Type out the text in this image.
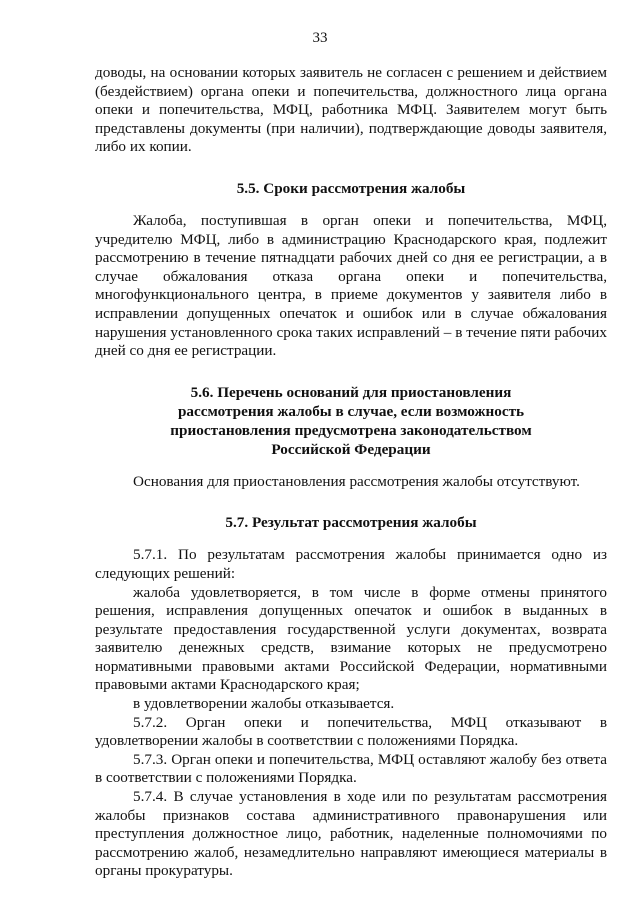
33

доводы, на основании которых заявитель не согласен с решением и действием (бездействием) органа опеки и попечительства, должностного лица органа опеки и попечительства, МФЦ, работника МФЦ. Заявителем могут быть представлены документы (при наличии), подтверждающие доводы заявителя, либо их копии.

5.5. Сроки рассмотрения жалобы

Жалоба, поступившая в орган опеки и попечительства, МФЦ, учредителю МФЦ, либо в администрацию Краснодарского края, подлежит рассмотрению в течение пятнадцати рабочих дней со дня ее регистрации, а в случае обжалования отказа органа опеки и попечительства, многофункционального центра, в приеме документов у заявителя либо в исправлении допущенных опечаток и ошибок или в случае обжалования нарушения установленного срока таких исправлений – в течение пяти рабочих дней со дня ее регистрации.

5.6. Перечень оснований для приостановления

рассмотрения жалобы в случае, если возможность

приостановления предусмотрена законодательством

Российской Федерации

Основания для приостановления рассмотрения жалобы отсутствуют.

5.7. Результат рассмотрения жалобы

5.7.1. По результатам рассмотрения жалобы принимается одно из следующих решений:

жалоба удовлетворяется, в том числе в форме отмены принятого решения, исправления допущенных опечаток и ошибок в выданных в результате предоставления государственной услуги документах, возврата заявителю денежных средств, взимание которых не предусмотрено нормативными правовыми актами Российской Федерации, нормативными правовыми актами Краснодарского края;

в удовлетворении жалобы отказывается.

5.7.2. Орган опеки и попечительства, МФЦ отказывают в удовлетворении жалобы в соответствии с положениями Порядка.

5.7.3. Орган опеки и попечительства, МФЦ оставляют жалобу без ответа в соответствии с положениями Порядка.

5.7.4. В случае установления в ходе или по результатам рассмотрения жалобы признаков состава административного правонарушения или преступления должностное лицо, работник, наделенные полномочиями по рассмотрению жалоб, незамедлительно направляют имеющиеся материалы в органы прокуратуры.
